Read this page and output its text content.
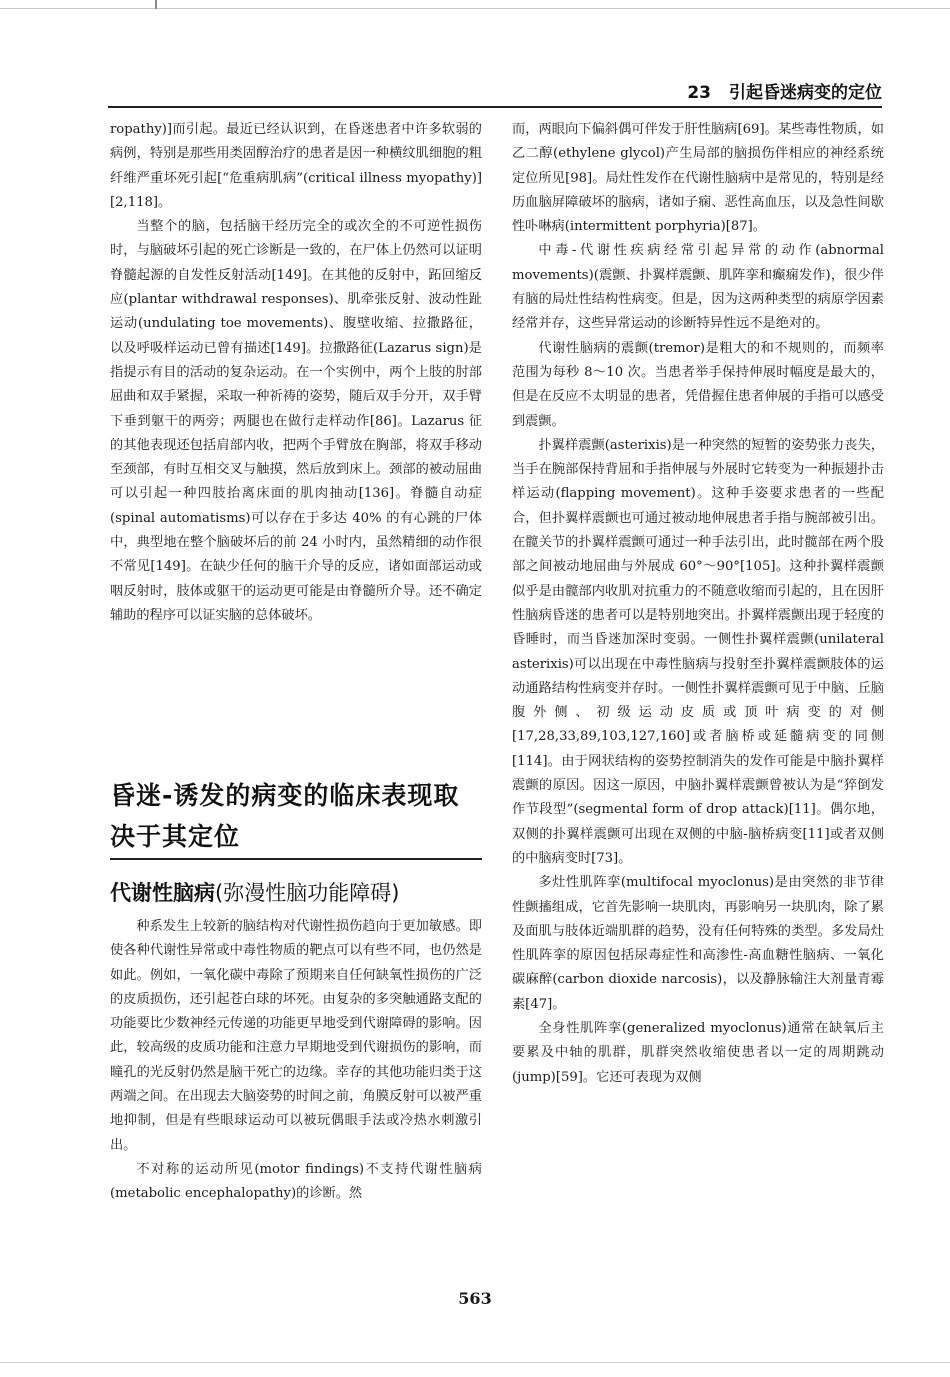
23 引起昏迷病变的定位

ropathy)]而引起。最近已经认识到，在昏迷患者中许多软弱的病例，特别是那些用类固醇治疗的患者是因一种横纹肌细胞的粗纤维严重坏死引起[“危重病肌病”(critical illness myopathy)][2,118]。

当整个的脑，包括脑干经历完全的或次全的不可逆性损伤时，与脑破坏引起的死亡诊断是一致的，在尸体上仍然可以证明脊髓起源的自发性反射活动[149]。在其他的反射中，跖回缩反应(plantar withdrawal responses)、肌牵张反射、波动性趾运动(undulating toe movements)、腹壁收缩、拉撒路征，以及呼吸样运动已曾有描述[149]。拉撒路征(Lazarus sign)是指提示有目的活动的复杂运动。在一个实例中，两个上肢的肘部屈曲和双手紧握，采取一种祈祷的姿势，随后双手分开，双手臂下垂到躯干的两旁；两腿也在做行走样动作[86]。Lazarus 征的其他表现还包括肩部内收，把两个手臂放在胸部，将双手移动至颈部，有时互相交叉与触摸，然后放到床上。颈部的被动屈曲可以引起一种四肢抬离床面的肌肉抽动[136]。脊髓自动症(spinal automatisms)可以存在于多达 40% 的有心跳的尸体中，典型地在整个脑破坏后的前 24 小时内，虽然精细的动作很不常见[149]。在缺少任何的脑干介导的反应，诸如面部运动或咽反射时，肢体或躯干的运动更可能是由脊髓所介导。还不确定辅助的程序可以证实脑的总体破坏。

昏迷-诱发的病变的临床表现取决于其定位
代谢性脑病(弥漫性脑功能障碍)

种系发生上较新的脑结构对代谢性损伤趋向于更加敏感。即使各种代谢性异常或中毒性物质的靶点可以有些不同，也仍然是如此。例如，一氧化碳中毒除了预期来自任何缺氧性损伤的广泛的皮质损伤，还引起苍白球的坏死。由复杂的多突触通路支配的功能要比少数神经元传递的功能更早地受到代谢障碍的影响。因此，较高级的皮质功能和注意力早期地受到代谢损伤的影响，而瞳孔的光反射仍然是脑干死亡的边缘。幸存的其他功能归类于这两端之间。在出现去大脑姿势的时间之前，角膜反射可以被严重地抑制，但是有些眼球运动可以被玩偶眼手法或冷热水刺激引出。

不对称的运动所见(motor findings)不支持代谢性脑病(metabolic encephalopathy)的诊断。然

而，两眼向下偏斜偶可伴发于肝性脑病[69]。某些毒性物质，如乙二醇(ethylene glycol)产生局部的脑损伤伴相应的神经系统定位所见[98]。局灶性发作在代谢性脑病中是常见的，特别是经历血脑屏障破坏的脑病，诸如子痫、恶性高血压，以及急性间歇性卟啉病(intermittent porphyria)[87]。

中毒-代谢性疾病经常引起异常的动作(abnormal movements)(震颤、扑翼样震颤、肌阵挛和癫痫发作)，很少伴有脑的局灶性结构性病变。但是，因为这两种类型的病原学因素经常并存，这些异常运动的诊断特异性远不是绝对的。

代谢性脑病的震颤(tremor)是粗大的和不规则的，而频率范围为每秒 8～10 次。当患者举手保持伸展时幅度是最大的，但是在反应不太明显的患者，凭借握住患者伸展的手指可以感受到震颤。

扑翼样震颤(asterixis)是一种突然的短暂的姿势张力丧失，当手在腕部保持背屈和手指伸展与外展时它转变为一种振翅扑击样运动(flapping movement)。这种手姿要求患者的一些配合，但扑翼样震颤也可通过被动地伸展患者手指与腕部被引出。在髋关节的扑翼样震颤可通过一种手法引出，此时髋部在两个股部之间被动地屈曲与外展成 60°～90°[105]。这种扑翼样震颤似乎是由髋部内收肌对抗重力的不随意收缩而引起的，且在因肝性脑病昏迷的患者可以是特别地突出。扑翼样震颤出现于轻度的昏睡时，而当昏迷加深时变弱。一侧性扑翼样震颤(unilateral asterixis)可以出现在中毒性脑病与投射至扑翼样震颤肢体的运动通路结构性病变并存时。一侧性扑翼样震颤可见于中脑、丘脑腹外侧、初级运动皮质或顶叶病变的对侧[17,28,33,89,103,127,160]或者脑桥或延髓病变的同侧[114]。由于网状结构的姿势控制消失的发作可能是中脑扑翼样震颤的原因。因这一原因，中脑扑翼样震颤曾被认为是“猝倒发作节段型”(segmental form of drop attack)[11]。偶尔地，双侧的扑翼样震颤可出现在双侧的中脑-脑桥病变[11]或者双侧的中脑病变时[73]。

多灶性肌阵挛(multifocal myoclonus)是由突然的非节律性颤搐组成，它首先影响一块肌肉，再影响另一块肌肉，除了累及面肌与肢体近端肌群的趋势，没有任何特殊的类型。多发局灶性肌阵挛的原因包括尿毒症性和高渗性-高血糖性脑病、一氧化碳麻醉(carbon dioxide narcosis)，以及静脉输注大剂量青霉素[47]。

全身性肌阵挛(generalized myoclonus)通常在缺氧后主要累及中轴的肌群，肌群突然收缩使患者以一定的周期跳动(jump)[59]。它还可表现为双侧

563
